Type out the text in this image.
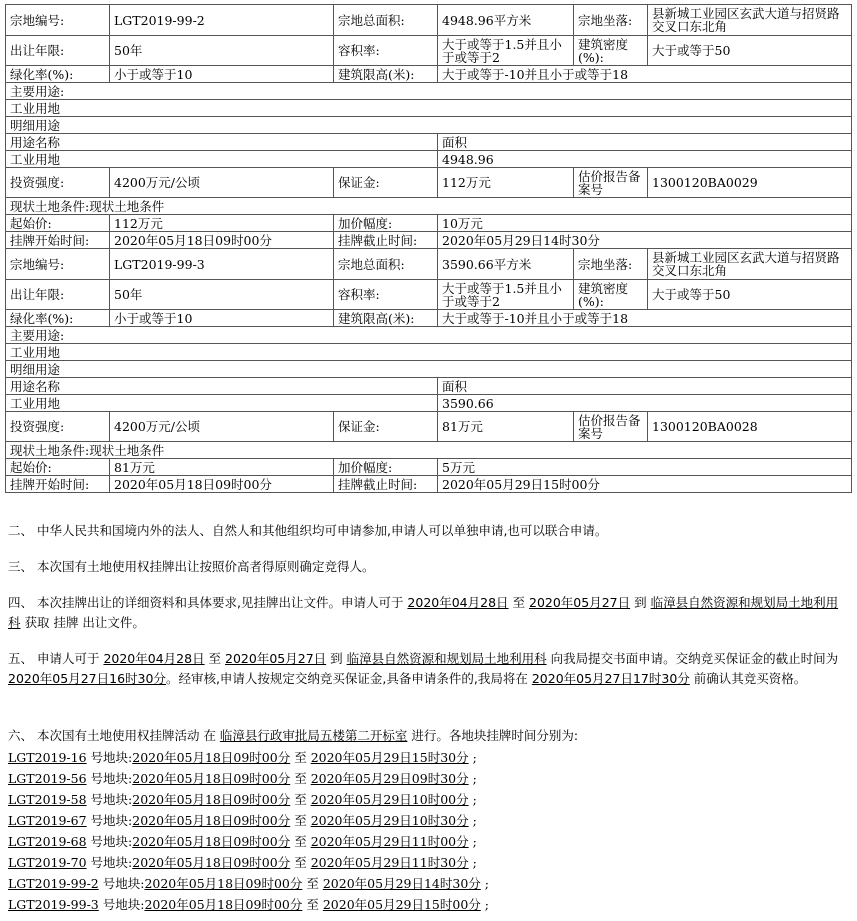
宗地编号:	LGT2019-99-2	宗地总面积:	4948.96平方米	宗地坐落:	县新城工业园区玄武大道与招贤路交叉口东北角
出让年限:	50年	容积率:	大于或等于1.5并且小于或等于2	建筑密度(%):	大于或等于50
绿化率(%):	小于或等于10	建筑限高(米):	大于或等于-10并且小于或等于18		
主要用途:					
工业用地					
明细用途					
用途名称			面积		
工业用地			4948.96		
投资强度:	4200万元/公顷	保证金:	112万元	估价报告备案号	1300120BA0029
现状土地条件:现状土地条件					
起始价:	112万元	加价幅度:	10万元		
挂牌开始时间:	2020年05月18日09时00分	挂牌截止时间:	2020年05月29日14时30分		
宗地编号:	LGT2019-99-3	宗地总面积:	3590.66平方米	宗地坐落:	县新城工业园区玄武大道与招贤路交叉口东北角
出让年限:	50年	容积率:	大于或等于1.5并且小于或等于2	建筑密度(%):	大于或等于50
绿化率(%):	小于或等于10	建筑限高(米):	大于或等于-10并且小于或等于18		
主要用途:					
工业用地					
明细用途					
用途名称			面积		
工业用地			3590.66		
投资强度:	4200万元/公顷	保证金:	81万元	估价报告备案号	1300120BA0028
现状土地条件:现状土地条件					
起始价:	81万元	加价幅度:	5万元		
挂牌开始时间:	2020年05月18日09时00分	挂牌截止时间:	2020年05月29日15时00分		
二、 中华人民共和国境内外的法人、自然人和其他组织均可申请参加,申请人可以单独申请,也可以联合申请。
三、 本次国有土地使用权挂牌出让按照价高者得原则确定竞得人。
四、 本次挂牌出让的详细资料和具体要求,见挂牌出让文件。申请人可于 2020年04月28日 至 2020年05月27日 到 临漳县自然资源和规划局土地利用科 获取 挂牌 出让文件。
五、 申请人可于 2020年04月28日 至 2020年05月27日 到 临漳县自然资源和规划局土地利用科 向我局提交书面申请。交纳竞买保证金的截止时间为2020年05月27日16时30分。经审核,申请人按规定交纳竞买保证金,具备申请条件的,我局将在 2020年05月27日17时30分 前确认其竞买资格。
六、 本次国有土地使用权挂牌活动 在 临漳县行政审批局五楼第二开标室 进行。各地块挂牌时间分别为:
LGT2019-16 号地块:2020年05月18日09时00分 至 2020年05月29日15时30分 ;
LGT2019-56 号地块:2020年05月18日09时00分 至 2020年05月29日09时30分 ;
LGT2019-58 号地块:2020年05月18日09时00分 至 2020年05月29日10时00分 ;
LGT2019-67 号地块:2020年05月18日09时00分 至 2020年05月29日10时30分 ;
LGT2019-68 号地块:2020年05月18日09时00分 至 2020年05月29日11时00分 ;
LGT2019-70 号地块:2020年05月18日09时00分 至 2020年05月29日11时30分 ;
LGT2019-99-2 号地块:2020年05月18日09时00分 至 2020年05月29日14时30分 ;
LGT2019-99-3 号地块:2020年05月18日09时00分 至 2020年05月29日15时00分 ;
